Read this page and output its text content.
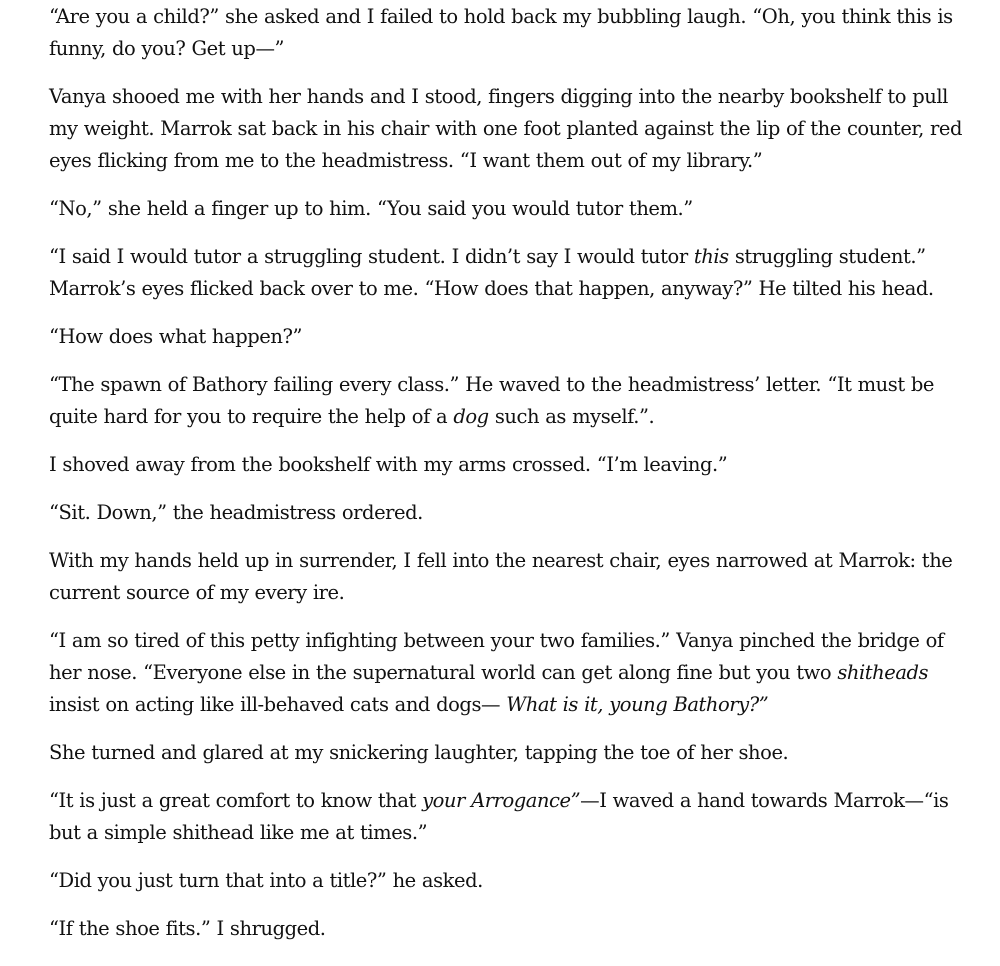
“Are you a child?” she asked and I failed to hold back my bubbling laugh. “Oh, you think this is funny, do you? Get up—”

Vanya shooed me with her hands and I stood, fingers digging into the nearby bookshelf to pull my weight. Marrok sat back in his chair with one foot planted against the lip of the counter, red eyes flicking from me to the headmistress. “I want them out of my library.”

“No,” she held a finger up to him. “You said you would tutor them.”

“I said I would tutor a struggling student. I didn’t say I would tutor this struggling student.” Marrok’s eyes flicked back over to me. “How does that happen, anyway?” He tilted his head.

“How does what happen?”

“The spawn of Bathory failing every class.” He waved to the headmistress’ letter. “It must be quite hard for you to require the help of a dog such as myself.”.

I shoved away from the bookshelf with my arms crossed. “I’m leaving.”

“Sit. Down,” the headmistress ordered.

With my hands held up in surrender, I fell into the nearest chair, eyes narrowed at Marrok: the current source of my every ire.

“I am so tired of this petty infighting between your two families.” Vanya pinched the bridge of her nose. “Everyone else in the supernatural world can get along fine but you two shitheads insist on acting like ill-behaved cats and dogs— What is it, young Bathory?”

She turned and glared at my snickering laughter, tapping the toe of her shoe.

“It is just a great comfort to know that your Arrogance”—I waved a hand towards Marrok—“is but a simple shithead like me at times.”

“Did you just turn that into a title?” he asked.

“If the shoe fits.” I shrugged.
